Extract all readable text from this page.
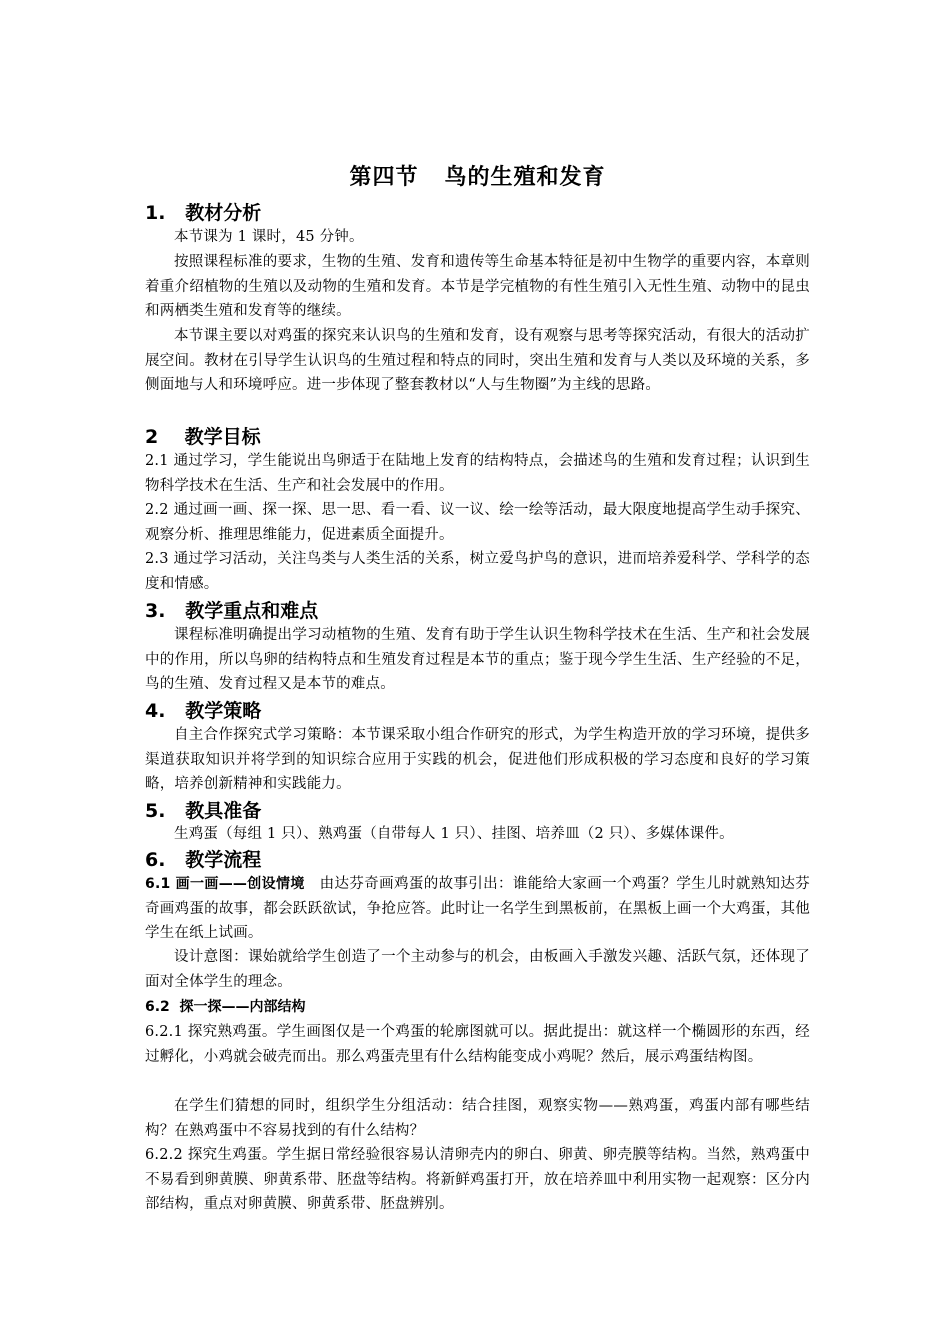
第四节   鸟的生殖和发育
1.   教材分析
本节课为 1 课时，45 分钟。
按照课程标准的要求，生物的生殖、发育和遗传等生命基本特征是初中生物学的重要内容，本章则着重介绍植物的生殖以及动物的生殖和发育。本节是学完植物的有性生殖引入无性生殖、动物中的昆虫和两栖类生殖和发育等的继续。
本节课主要以对鸡蛋的探究来认识鸟的生殖和发育，设有观察与思考等探究活动，有很大的活动扩展空间。教材在引导学生认识鸟的生殖过程和特点的同时，突出生殖和发育与人类以及环境的关系，多侧面地与人和环境呼应。进一步体现了整套教材以“人与生物圈”为主线的思路。
2    教学目标
2.1 通过学习，学生能说出鸟卵适于在陆地上发育的结构特点，会描述鸟的生殖和发育过程；认识到生物科学技术在生活、生产和社会发展中的作用。
2.2 通过画一画、探一探、思一思、看一看、议一议、绘一绘等活动，最大限度地提高学生动手探究、观察分析、推理思维能力，促进素质全面提升。
2.3 通过学习活动，关注鸟类与人类生活的关系，树立爱鸟护鸟的意识，进而培养爱科学、学科学的态度和情感。
3.   教学重点和难点
课程标准明确提出学习动植物的生殖、发育有助于学生认识生物科学技术在生活、生产和社会发展中的作用，所以鸟卵的结构特点和生殖发育过程是本节的重点；鉴于现今学生生活、生产经验的不足，鸟的生殖、发育过程又是本节的难点。
4.   教学策略
自主合作探究式学习策略：本节课采取小组合作研究的形式，为学生构造开放的学习环境，提供多渠道获取知识并将学到的知识综合应用于实践的机会，促进他们形成积极的学习态度和良好的学习策略，培养创新精神和实践能力。
5.   教具准备
生鸡蛋（每组 1 只）、熟鸡蛋（自带每人 1 只）、挂图、培养皿（2 只）、多媒体课件。
6.   教学流程
6.1 画一画——创设情境 由达芬奇画鸡蛋的故事引出：谁能给大家画一个鸡蛋？学生儿时就熟知达芬奇画鸡蛋的故事，都会跃跃欲试，争抢应答。此时让一名学生到黑板前，在黑板上画一个大鸡蛋，其他学生在纸上试画。
设计意图：课始就给学生创造了一个主动参与的机会，由板画入手激发兴趣、活跃气氛，还体现了面对全体学生的理念。
6.2  探一探——内部结构
6.2.1 探究熟鸡蛋。学生画图仅是一个鸡蛋的轮廓图就可以。据此提出：就这样一个椭圆形的东西，经过孵化，小鸡就会破壳而出。那么鸡蛋壳里有什么结构能变成小鸡呢？然后，展示鸡蛋结构图。
在学生们猜想的同时，组织学生分组活动：结合挂图，观察实物——熟鸡蛋，鸡蛋内部有哪些结构？在熟鸡蛋中不容易找到的有什么结构？
6.2.2 探究生鸡蛋。学生据日常经验很容易认清卵壳内的卵白、卵黄、卵壳膜等结构。当然，熟鸡蛋中不易看到卵黄膜、卵黄系带、胚盘等结构。将新鲜鸡蛋打开，放在培养皿中利用实物一起观察：区分内部结构，重点对卵黄膜、卵黄系带、胚盘辨别。
